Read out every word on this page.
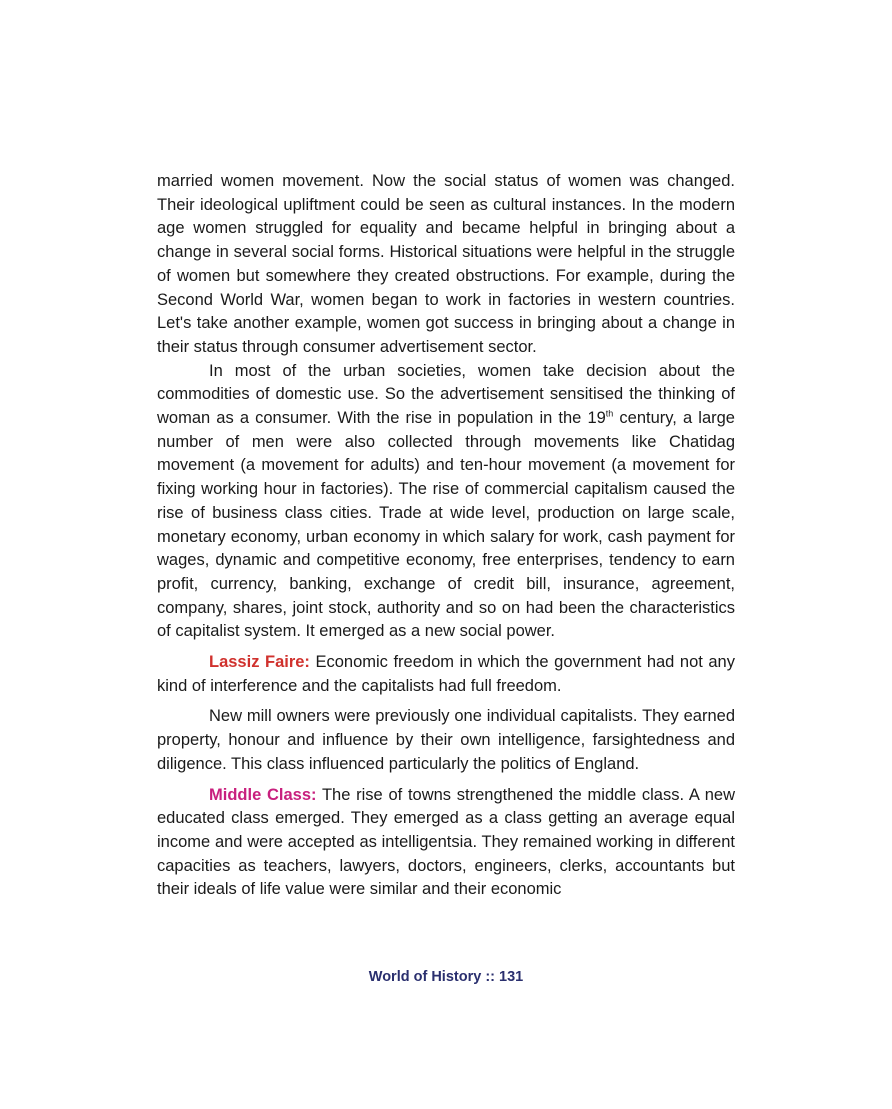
married women movement. Now the social status of women was changed. Their ideological upliftment could be seen as cultural instances. In the modern age women struggled for equality and became helpful in bringing about a change in several social forms. Historical situations were helpful in the struggle of women but somewhere they created obstructions. For example, during the Second World War, women began to work in factories in western countries. Let's take another example, women got success in bringing about a change in their status through consumer advertisement sector.

In most of the urban societies, women take decision about the commodities of domestic use. So the advertisement sensitised the thinking of woman as a consumer. With the rise in population in the 19th century, a large number of men were also collected through movements like Chatidag movement (a movement for adults) and ten-hour movement (a movement for fixing working hour in factories). The rise of commercial capitalism caused the rise of business class cities. Trade at wide level, production on large scale, monetary economy, urban economy in which salary for work, cash payment for wages, dynamic and competitive economy, free enterprises, tendency to earn profit, currency, banking, exchange of credit bill, insurance, agreement, company, shares, joint stock, authority and so on had been the characteristics of capitalist system. It emerged as a new social power.

Lassiz Faire: Economic freedom in which the government had not any kind of interference and the capitalists had full freedom.

New mill owners were previously one individual capitalists. They earned property, honour and influence by their own intelligence, farsightedness and diligence. This class influenced particularly the politics of England.

Middle Class: The rise of towns strengthened the middle class. A new educated class emerged. They emerged as a class getting an average equal income and were accepted as intelligentsia. They remained working in different capacities as teachers, lawyers, doctors, engineers, clerks, accountants but their ideals of life value were similar and their economic

World of History :: 131
